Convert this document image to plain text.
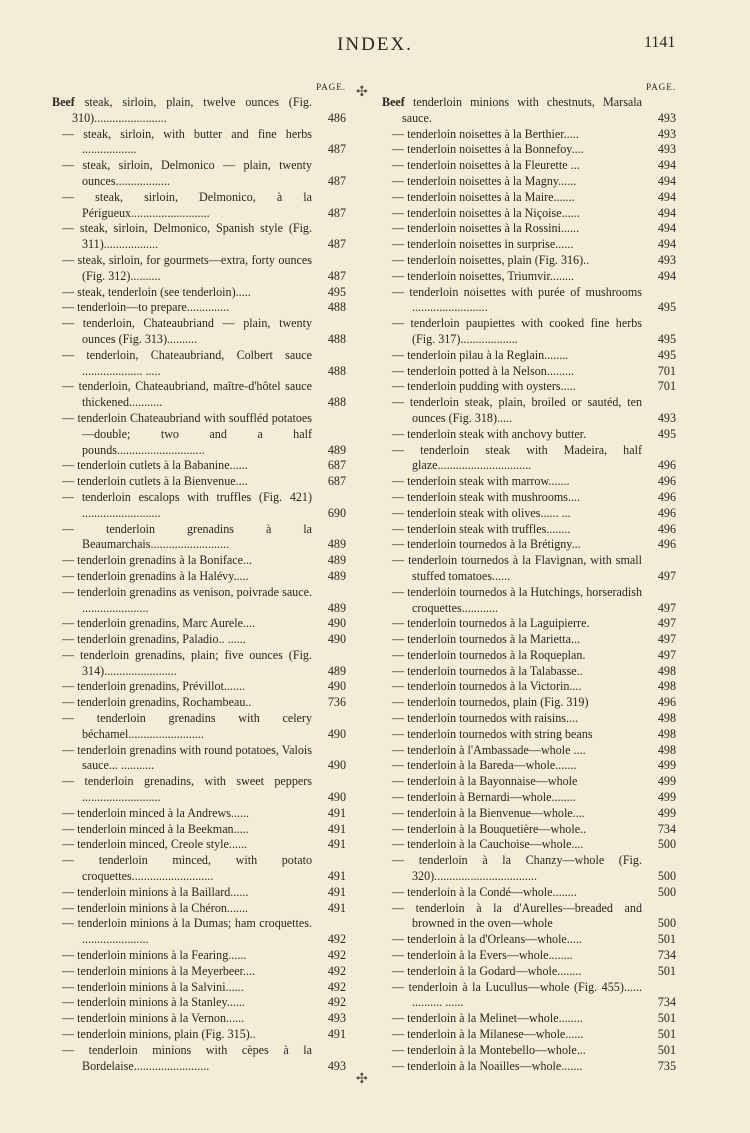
INDEX.	1141
✣
✣
PAGE.
Beef steak, sirloin, plain, twelve ounces (Fig. 310)........................	486
— steak, sirloin, with butter and fine herbs ..................	487
— steak, sirloin, Delmonico — plain, twenty ounces..................	487
— steak, sirloin, Delmonico, à la Périgueux..........................	487
— steak, sirloin, Delmonico, Spanish style (Fig. 311)..................	487
— steak, sirloin, for gourmets—extra, forty ounces (Fig. 312)..........	487
— steak, tenderloin (see tenderloin).....	495
— tenderloin—to prepare..............	488
— tenderloin, Chateaubriand — plain, twenty ounces (Fig. 313)..........	488
— tenderloin, Chateaubriand, Colbert sauce .................... .....	488
— tenderloin, Chateaubriand, maître-d'hôtel sauce thickened...........	488
— tenderloin Chateaubriand with souffléd potatoes—double; two and a half pounds.............................	489
— tenderloin cutlets à la Babanine......	687
— tenderloin cutlets à la Bienvenue....	687
— tenderloin escalops with truffles (Fig. 421) ..........................	690
— tenderloin grenadins à la Beaumarchais..........................	489
— tenderloin grenadins à la Boniface...	489
— tenderloin grenadins à la Halévy.....	489
— tenderloin grenadins as venison, poivrade sauce. ......................	489
— tenderloin grenadins, Marc Aurele....	490
— tenderloin grenadins, Paladio.. ......	490
— tenderloin grenadins, plain; five ounces (Fig. 314)........................	489
— tenderloin grenadins, Prévillot.......	490
— tenderloin grenadins, Rochambeau..	736
— tenderloin grenadins with celery béchamel.........................	490
— tenderloin grenadins with round potatoes, Valois sauce... ...........	490
— tenderloin grenadins, with sweet peppers ..........................	490
— tenderloin minced à la Andrews......	491
— tenderloin minced à la Beekman.....	491
— tenderloin minced, Creole style......	491
— tenderloin minced, with potato croquettes...........................	491
— tenderloin minions à la Baillard......	491
— tenderloin minions à la Chéron.......	491
— tenderloin minions à la Dumas; ham croquettes. ......................	492
— tenderloin minions à la Fearing......	492
— tenderloin minions à la Meyerbeer....	492
— tenderloin minions à la Salvini......	492
— tenderloin minions à la Stanley......	492
— tenderloin minions à la Vernon......	493
— tenderloin minions, plain (Fig. 315)..	491
— tenderloin minions with cèpes à la Bordelaise.........................	493
PAGE.
Beef tenderloin minions with chestnuts, Marsala sauce.	493
— tenderloin noisettes à la Berthier.....	493
— tenderloin noisettes à la Bonnefoy....	493
— tenderloin noisettes à la Fleurette ...	494
— tenderloin noisettes à la Magny......	494
— tenderloin noisettes à la Maire.......	494
— tenderloin noisettes à la Niçoise......	494
— tenderloin noisettes à la Rossini......	494
— tenderloin noisettes in surprise......	494
— tenderloin noisettes, plain (Fig. 316)..	493
— tenderloin noisettes, Triumvir........	494
— tenderloin noisettes with purée of mushrooms .........................	495
— tenderloin paupiettes with cooked fine herbs (Fig. 317)...................	495
— tenderloin pilau à la Reglain........	495
— tenderloin potted à la Nelson.........	701
— tenderloin pudding with oysters.....	701
— tenderloin steak, plain, broiled or sautéd, ten ounces (Fig. 318).....	493
— tenderloin steak with anchovy butter.	495
— tenderloin steak with Madeira, half glaze...............................	496
— tenderloin steak with marrow.......	496
— tenderloin steak with mushrooms....	496
— tenderloin steak with olives...... ...	496
— tenderloin steak with truffles........	496
— tenderloin tournedos à la Brétigny...	496
— tenderloin tournedos à la Flavignan, with small stuffed tomatoes......	497
— tenderloin tournedos à la Hutchings, horseradish croquettes............	497
— tenderloin tournedos à la Laguipierre.	497
— tenderloin tournedos à la Marietta...	497
— tenderloin tournedos à la Roqueplan.	497
— tenderloin tournedos à la Talabasse..	498
— tenderloin tournedos à la Victorin....	498
— tenderloin tournedos, plain (Fig. 319)	496
— tenderloin tournedos with raisins....	498
— tenderloin tournedos with string beans	498
— tenderloin à l'Ambassade—whole ....	498
— tenderloin à la Bareda—whole.......	499
— tenderloin à la Bayonnaise—whole	499
— tenderloin à Bernardi—whole........	499
— tenderloin à la Bienvenue—whole....	499
— tenderloin à la Bouquetière—whole..	734
— tenderloin à la Cauchoise—whole....	500
— tenderloin à la Chanzy—whole (Fig. 320)..................................	500
— tenderloin à la Condé—whole........	500
— tenderloin à la d'Aurelles—breaded and browned in the oven—whole	500
— tenderloin à la d'Orleans—whole.....	501
— tenderloin à la Evers—whole........	734
— tenderloin à la Godard—whole........	501
— tenderloin à la Lucullus—whole (Fig. 455)...... .......... ......	734
— tenderloin à la Melinet—whole........	501
— tenderloin à la Milanese—whole......	501
— tenderloin à la Montebello—whole...	501
— tenderloin à la Noailles—whole.......	735
